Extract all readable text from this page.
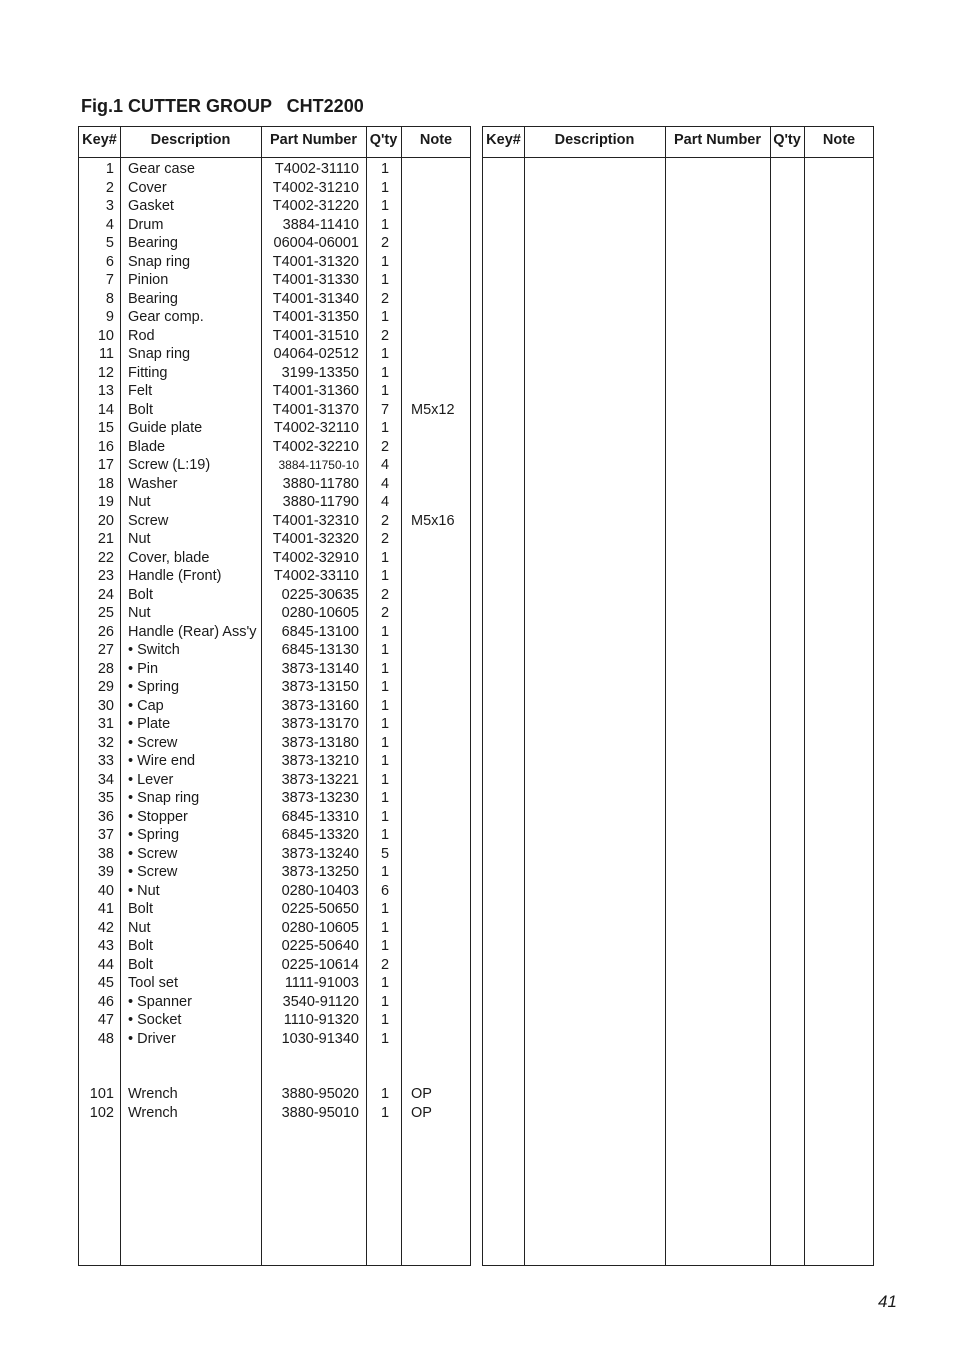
Fig.1 CUTTER GROUP   CHT2200
Key#	Description	Part Number Q'ty	Note
1 Gear case	T4002-31110	1
2 Cover	T4002-31210	1
3 Gasket	T4002-31220	1
4 Drum	3884-11410	1
5 Bearing	06004-06001	2
6 Snap ring	T4001-31320	1
7 Pinion	T4001-31330	1
8 Bearing	T4001-31340	2
9 Gear comp.	T4001-31350	1
10 Rod	T4001-31510	2
11 Snap ring	04064-02512	1
12 Fitting	3199-13350	1
13 Felt	T4001-31360	1
14 Bolt	T4001-31370	7	M5x12
15 Guide plate	T4002-32110	1
16 Blade	T4002-32210	2
17 Screw (L:19)	3884-11750-10	4
18 Washer	3880-11780	4
19 Nut	3880-11790	4
20 Screw	T4001-32310	2	M5x16
21 Nut	T4001-32320	2
22 Cover, blade	T4002-32910	1
23 Handle (Front)	T4002-33110	1
24 Bolt	0225-30635	2
25 Nut	0280-10605	2
26 Handle (Rear) Ass'y 6845-13100	1
27 • Switch	6845-13130	1
28 • Pin	3873-13140	1
29 • Spring	3873-13150	1
30 • Cap	3873-13160	1
31 • Plate	3873-13170	1
32 • Screw	3873-13180	1
33 • Wire end	3873-13210	1
34 • Lever	3873-13221	1
35 • Snap ring	3873-13230	1
36 • Stopper	6845-13310	1
37 • Spring	6845-13320	1
38 • Screw	3873-13240	5
39 • Screw	3873-13250	1
40 • Nut	0280-10403	6
41 Bolt	0225-50650	1
42 Nut	0280-10605	1
43 Bolt	0225-50640	1
44 Bolt	0225-10614	2
45 Tool set	1111-91003	1
46 • Spanner	3540-91120	1
47 • Socket	1110-91320	1
48 • Driver	1030-91340	1
101 Wrench	3880-95020	1	OP
102 Wrench	3880-95010	1	OP
Key#	Description	Part Number Q'ty	Note
41
